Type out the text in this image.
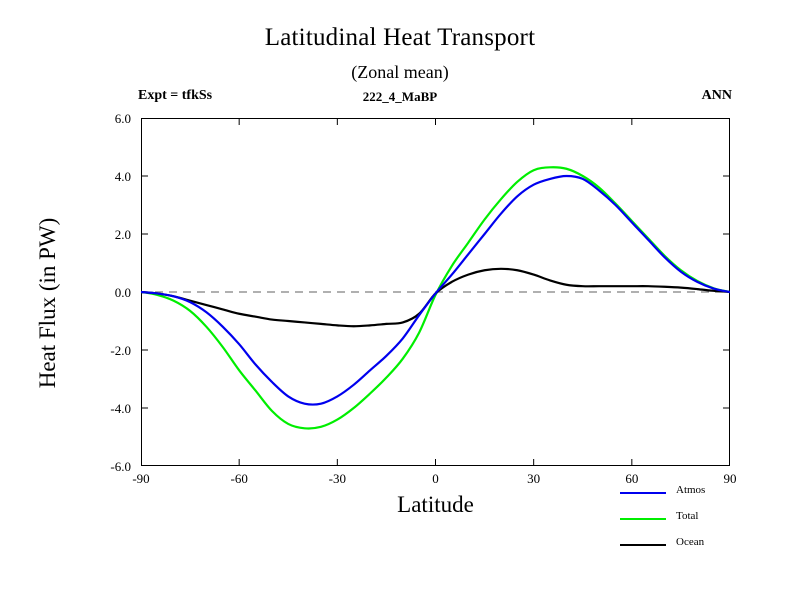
Latitudinal Heat Transport
(Zonal mean)
Expt = tfkSs	222_4_MaBP	ANN
Heat Flux (in PW)
Latitude
-90	-60	-30	0	30	60	90
-6.0
-4.0
-2.0
0.0
2.0
4.0
6.0
Atmos
Total
Ocean
